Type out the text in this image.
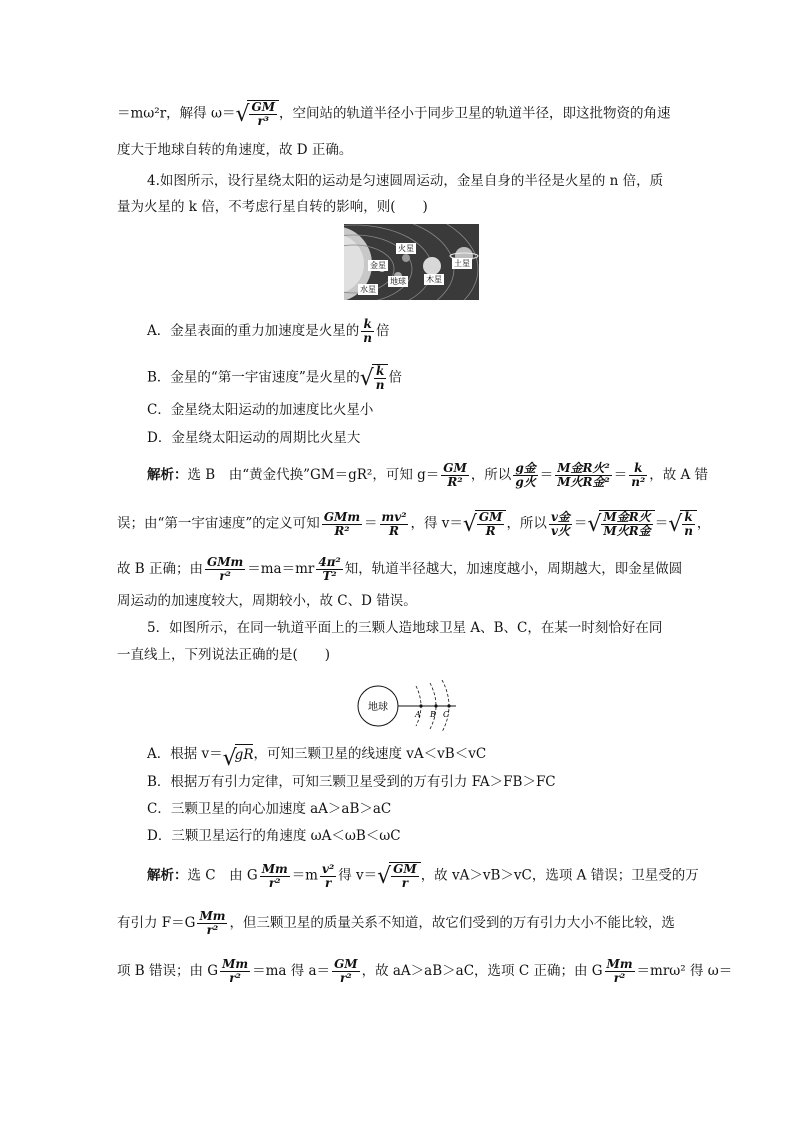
＝mω²r，解得 ω＝ √ $\frac{GM}{\text{r³}}$ ，空间站的轨道半径小于同步卫星的轨道半径，即这批物资的角速
度大于地球自转的角速度，故 D 正确。
4.如图所示，设行星绕太阳的运动是匀速圆周运动，金星自身的半径是火星的 n 倍，质
量为火星的 k 倍，不考虑行星自转的影响，则(　　)
火星
金星
地球
水星
木星
土星
A．金星表面的重力加速度是火星的 $\frac{k}{n}$ 倍
B．金星的“第一宇宙速度”是火星的 √ $\frac{k}{n}$ 倍
C．金星绕太阳运动的加速度比火星小
D．金星绕太阳运动的周期比火星大
解析：选 B　由“黄金代换”GM＝gR²，可知 $g= \frac{GM}{\text{R²}}$ ，所以 $\frac{\text{g金}}{\text{g火}} = \frac{\text{M金R火²}}{\text{M火R金²}} = \frac{k}{\text{n²}}$ ，故 A 错
误；由“第一宇宙速度”的定义可知 $\frac{\text{GMm}}{\text{R²}} = \frac{\text{mv²}}{R}$ ，得 v＝ √ $\frac{GM}{R}$ ，所以 $\frac{\text{v金}}{\text{v火}}$ ＝ √ $\frac{\text{M金R火}}{\text{M火R金}}$ ＝ √ $\frac{k}{n}$ ，
故 B 正确；由 $\frac{\text{GMm}}{\text{r²}} =ma=mr \frac{\text{4π²}}{\text{T²}}$ 知，轨道半径越大，加速度越小，周期越大，即金星做圆
周运动的加速度较大，周期较小，故 C、D 错误。
5．如图所示，在同一轨道平面上的三颗人造地球卫星 A、B、C，在某一时刻恰好在同
一直线上，下列说法正确的是(　　)
地球
A B C
A．根据 v＝ √ gR，可知三颗卫星的线速度 vA＜vB＜vC
B．根据万有引力定律，可知三颗卫星受到的万有引力 FA＞FB＞FC
C．三颗卫星的向心加速度 aA＞aB＞aC
D．三颗卫星运行的角速度 ωA＜ωB＜ωC
解析：选 C　由 G $\frac{Mm}{\text{r²}} =m \frac{\text{v²}}{r}$ 得 v＝ √ $\frac{GM}{r}$ ，故 vA＞vB＞vC，选项 A 错误；卫星受的万
有引力 $F=G \frac{Mm}{\text{r²}}$ ，但三颗卫星的质量关系不知道，故它们受到的万有引力大小不能比较，选
项 B 错误；由 G $\frac{Mm}{\text{r²}} =ma$ 得 $a= \frac{GM}{\text{r²}}$ ，故 aA＞aB＞aC，选项 C 正确；由 G $\frac{Mm}{\text{r²}} =mr\omega^2$ 得 ω＝
